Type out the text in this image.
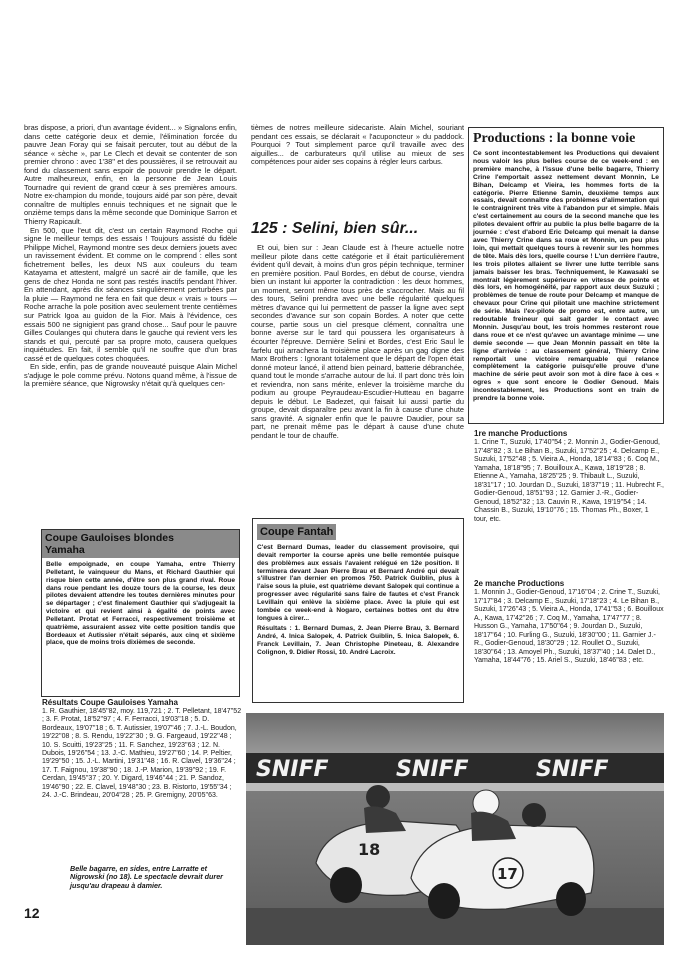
bras dispose, a priori, d'un avantage évident... » Signalons enfin, dans cette catégorie deux et demie, l'élimination forcée du pauvre Jean Foray qui se faisait percuter, tout au début de la séance « sèche », par Le Clech et devait se contenter de son premier chrono : avec 1'38'' et des poussières, il se retrouvait au fond du classement sans espoir de pouvoir prendre le départ. Autre malheureux, enfin, en la personne de Jean Louis Tournadre qui revient de grand cœur à ses premières amours. Notre ex-champion du monde, toujours aidé par son père, devait connaître de multiples ennuis techniques et ne signait que le onzième temps dans la même seconde que Dominique Sarron et Thierry Rapicault.

En 500, que l'eut dit, c'est un certain Raymond Roche qui signe le meilleur temps des essais ! Toujours assisté du fidèle Philippe Michel, Raymond montre ses deux derniers jouets avec un ravissement évident. Et comme on le comprend : elles sont fichetrement belles, les deux NS aux couleurs du team Katayama et attestent, malgré un sacré air de famille, que les gens de chez Honda ne sont pas restés inactifs pendant l'hiver. En attendant, après dix séances singulièrement perturbées par la pluie — Raymond ne fera en fait que deux « vrais » tours — Roche arrache la pole position avec seulement trente centièmes sur Patrick Igoa au guidon de la Fior. Mais à l'évidence, ces essais 500 ne signigient pas grand chose... Sauf pour le pauvre Gilles Coulanges qui chutera dans le gauche qui revient vers les stands et qui, percuté par sa propre moto, causera quelques inquiétudes. En fait, il semble qu'il ne souffre que d'un bras cassé et de quelques cotes choquées.

En side, enfin, pas de grande nouveauté puisque Alain Michel s'adjuge le pole comme prévu. Notons quand même, à l'issue de la première séance, que Nigrowsky n'était qu'à quelques cen-

tièmes de notres meilleure sidecariste. Alain Michel, souriant pendant ces essais, se déclarait « l'acuponcteur » du paddock. Pourquoi ? Tout simplement parce qu'il travaille avec des aiguilles... de carburateurs qu'il utilise au mieux de ses compétences pour aider ses copains à régler leurs carbus.

125 : Selini, bien sûr...

Et oui, bien sur : Jean Claude est à l'heure actuelle notre meilleur pilote dans cette catégorie et il était particulièrement évident qu'il devait, à moins d'un gros pépin technique, terminer en première position. Paul Bordes, en début de course, viendra bien un instant lui apporter la contradiction : les deux hommes, un moment, seront même tous près de s'accrocher. Mais au fil des tours, Selini prendra avec une belle régularité quelques mètres d'avance qui lui permettent de passer la ligne avec sept secondes d'avance sur son copain Bordes. A noter que cette course, partie sous un ciel presque clément, connaîtra une bonne averse sur le tard qui poussera les organisateurs à écourter l'épreuve. Dernière Selini et Bordes, c'est Eric Saul le farfelu qui arrachera la troisième place après un gag digne des Marx Brothers : Ignorant totalement que le départ de l'open était donné moteur lancé, il attend bien peinard, batterie débranchée, quand tout le monde s'arrache autour de lui. Il part donc très loin et reviendra, non sans mérite, enlever la troisième marche du podium au groupe Peyraudeau-Escudier-Hutteau en bagarre depuis le début. Le Badezet, qui faisait lui aussi partie du groupe, devait disparaître peu avant la fin à cause d'une chute sans gravité. A signaler enfin que le pauvre Daudier, pour sa part, ne prenait même pas le départ à cause d'une chute pendant le tour de chauffe.

Productions : la bonne voie
Ce sont incontestablement les Productions qui devaient nous valoir les plus belles course de ce week-end : en première manche, à l'issue d'une belle bagarre, Thierry Crine l'emportait assez nettement devant Monnin, Le Bihan, Delcamp et Vieira, les hommes forts de la catégorie. Pierre Etienne Samin, deuxième temps aux essais, devait connaître des problèmes d'alimentation qui le contraignirent très vite à l'abandon pur et simple. Mais c'est certainement au cours de la second manche que les pilotes devaient offrir au public la plus belle bagarre de la journée : c'est d'abord Eric Delcamp qui menait la danse avec Thierry Crine dans sa roue et Monnin, un peu plus loin, qui mettait quelques tours à revenir sur les hommes de tête. Mais dès lors, quelle course ! L'un derrière l'autre, les trois pilotes allaient se livrer une lutte terrible sans jamais baisser les bras. Techniquement, le Kawasaki se montrait légèrement supérieure en vitesse de pointe et dès lors, en homogénéité, par rapport aux deux Suzuki ; problèmes de tenue de route pour Delcamp et manque de chevaux pour Crine qui pilotait une machine strictement de série. Mais l'ex-pilote de promo est, entre autre, un redoutable freineur qui sait garder le contact avec Monnin. Jusqu'au bout, les trois hommes resteront roue dans roue et ce n'est qu'avec un avantage minime — une demie seconde — que Jean Monnin passait en tête la ligne d'arrivée : au classement général, Thierry Crine remportait une victoire remarquable qui relance complètement la catégorie puisqu'elle prouve d'une machine de série peut avoir son mot à dire face à ces « ogres » que sont encore le Godier Genoud. Mais incontestablement, les Productions sont en train de prendre la bonne voie.
1re manche Productions
1. Crine T., Suzuki, 17'40''54 ; 2. Monnin J., Godier-Genoud, 17'48''82 ; 3. Le Bihan B., Suzuki, 17'52''25 ; 4. Delcamp E., Suzuki, 17'52''48 ; 5. Vieira A., Honda, 18'14''83 ; 6. Coq M., Yamaha, 18'18''95 ; 7. Bouilloux A., Kawa, 18'19''28 ; 8. Etienne A., Yamaha, 18'25''25 ; 9. Thibault L., Suzuki, 18'31''17 ; 10. Jourdan D., Suzuki, 18'37''19 ; 11. Hubrecht F., Godier-Genoud, 18'51''93 ; 12. Garnier J.-R., Godier-Genoud, 18'52''32 ; 13. Cauvin R., Kawa, 19'19''54 ; 14. Chassin B., Suzuki, 19'10''76 ; 15. Thomas Ph., Boxer, 1 tour, etc.
2e manche Productions
1. Monnin J., Godier-Genoud, 17'16''04 ; 2. Crine T., Suzuki, 17'17''84 ; 3. Delcamp E., Suzuki, 17'18''23 ; 4. Le Bihan B., Suzuki, 17'26''43 ; 5. Vieira A., Honda, 17'41''53 ; 6. Bouilloux A., Kawa, 17'42''26 ; 7. Coq M., Yamaha, 17'47''77 ; 8. Husson G., Yamaha, 17'50''64 ; 9. Jourdan D., Suzuki, 18'17''64 ; 10. Furling G., Suzuki, 18'30''00 ; 11. Garnier J.-R., Godier-Genoud, 18'30''29 ; 12. Roullet O., Suzuki, 18'30''64 ; 13. Amoyel Ph., Suzuki, 18'37''40 ; 14. Dalet D., Yamaha, 18'44''76 ; 15. Ariel S., Suzuki, 18'46''83 ; etc.
Coupe Gauloises blondes
Yamaha
Belle empoignade, en coupe Yamaha, entre Thierry Pelletant, le vainqueur du Mans, et Richard Gauthier qui risque bien cette année, d'être son plus grand rival. Roue dans roue pendant les douze tours de la course, les deux pilotes devaient attendre les toutes dernières minutes pour se départager ; c'est finalement Gauthier qui s'adjugeait la victoire et qui revient ainsi à égalité de points avec Pelletant. Protat et Ferracci, respectivement troisième et quatrième, assuraient assez vite cette position tandis que Bordeaux et Autissier n'était séparés, aux cinq et sixième place, que de moins trois dixièmes de seconde.
Résultats Coupe Gauloises Yamaha
1. R. Gauthier, 18'45''82, moy. 119,721 ; 2. T. Pelletant, 18'47''52 ; 3. F. Protat, 18'52''97 ; 4. F. Ferracci, 19'03''18 ; 5. D. Bordeaux, 19'07''18 ; 6. T. Autissier, 19'07''46 ; 7. J.-L. Boudon, 19'22''08 ; 8. S. Rendu, 19'22''30 ; 9. G. Fargeaud, 19'22''48 ; 10. S. Scuitti, 19'23''25 ; 11. F. Sanchez, 19'23''63 ; 12. N. Dubois, 19'26''54 ; 13. J.-C. Mathieu, 19'27''60 ; 14. P. Peltier, 19'29''50 ; 15. J.-L. Martini, 19'31''48 ; 16. R. Clavel, 19'36''24 ; 17. T. Faignou, 19'38''90 ; 18. J.-P. Marion, 19'39''92 ; 19. F. Cerdan, 19'45''37 ; 20. Y. Digard, 19'46''44 ; 21. P. Sandoz, 19'46''90 ; 22. E. Clavel, 19'48''30 ; 23. B. Ristorto, 19'55''34 ; 24. J.-C. Brindeau, 20'04''28 ; 25. P. Gremigny, 20'05''63.
Coupe Fantah
C'est Bernard Dumas, leader du classement provisoire, qui devait remporter la course après une belle remontée puisque des problèmes aux essais l'avaient relégué en 12e position. Il terminera devant Jean Pierre Brau et Bernard André qui devait s'illustrer l'an dernier en promos 750. Patrick Guiblin, plus à l'aise sous la pluie, est quatrième devant Salopek qui continue a progresser avec régularité sans faire de fautes et c'est Franck Levillain qui enlève la sixième place. Avec la pluie qui est tombée ce week-end à Nogaro, certaines bottes ont du être longues à cirer...
Résultats : 1. Bernard Dumas, 2. Jean Pierre Brau, 3. Bernard André, 4. Inica Salopek, 4. Patrick Guiblin, 5. Inica Salopek, 6. Franck Levillain, 7. Jean Christophe Pineteau, 8. Alexandre Colignon, 9. Didier Rossi, 10. André Lacroix.
SNIFF	SNIFF	SNIFF
18
17
Belle bagarre, en sides, entre Larratte et Nigrowski (no 18). Le spectacle devrait durer jusqu'au drapeau à damier.
12
